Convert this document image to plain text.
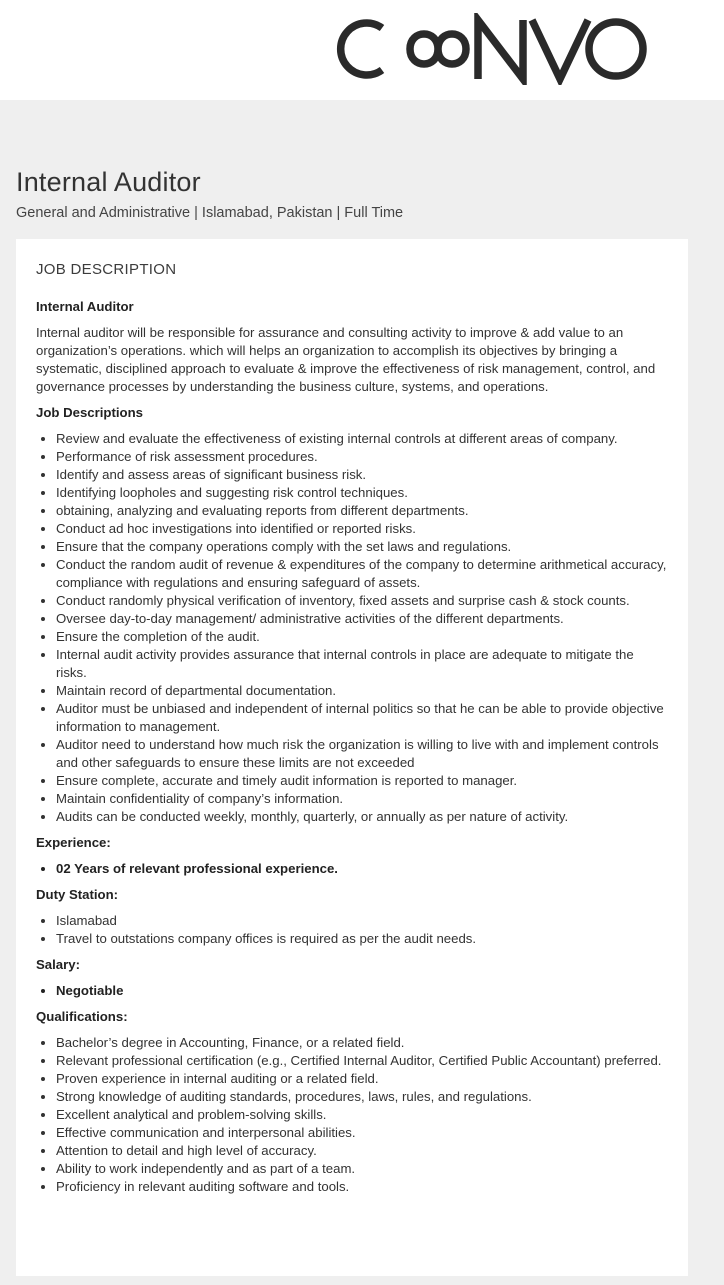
Internal Auditor
General and Administrative | Islamabad, Pakistan | Full Time
JOB DESCRIPTION
Internal Auditor
Internal auditor will be responsible for assurance and consulting activity to improve & add value to an organization’s operations. which will helps an organization to accomplish its objectives by bringing a systematic, disciplined approach to evaluate & improve the effectiveness of risk management, control, and governance processes by understanding the business culture, systems, and operations.
Job Descriptions
• Review and evaluate the effectiveness of existing internal controls at different areas of company.
• Performance of risk assessment procedures.
• Identify and assess areas of significant business risk.
• Identifying loopholes and suggesting risk control techniques.
• obtaining, analyzing and evaluating reports from different departments.
• Conduct ad hoc investigations into identified or reported risks.
• Ensure that the company operations comply with the set laws and regulations.
• Conduct the random audit of revenue & expenditures of the company to determine arithmetical accuracy, compliance with regulations and ensuring safeguard of assets.
• Conduct randomly physical verification of inventory, fixed assets and surprise cash & stock counts.
• Oversee day-to-day management/ administrative activities of the different departments.
• Ensure the completion of the audit.
• Internal audit activity provides assurance that internal controls in place are adequate to mitigate the risks.
• Maintain record of departmental documentation.
• Auditor must be unbiased and independent of internal politics so that he can be able to provide objective information to management.
• Auditor need to understand how much risk the organization is willing to live with and implement controls and other safeguards to ensure these limits are not exceeded
• Ensure complete, accurate and timely audit information is reported to manager.
• Maintain confidentiality of company’s information.
• Audits can be conducted weekly, monthly, quarterly, or annually as per nature of activity.
Experience:
• 02 Years of relevant professional experience.
Duty Station:
• Islamabad
• Travel to outstations company offices is required as per the audit needs.
Salary:
• Negotiable
Qualifications:
• Bachelor’s degree in Accounting, Finance, or a related field.
• Relevant professional certification (e.g., Certified Internal Auditor, Certified Public Accountant) preferred.
• Proven experience in internal auditing or a related field.
• Strong knowledge of auditing standards, procedures, laws, rules, and regulations.
• Excellent analytical and problem-solving skills.
• Effective communication and interpersonal abilities.
• Attention to detail and high level of accuracy.
• Ability to work independently and as part of a team.
• Proficiency in relevant auditing software and tools.
